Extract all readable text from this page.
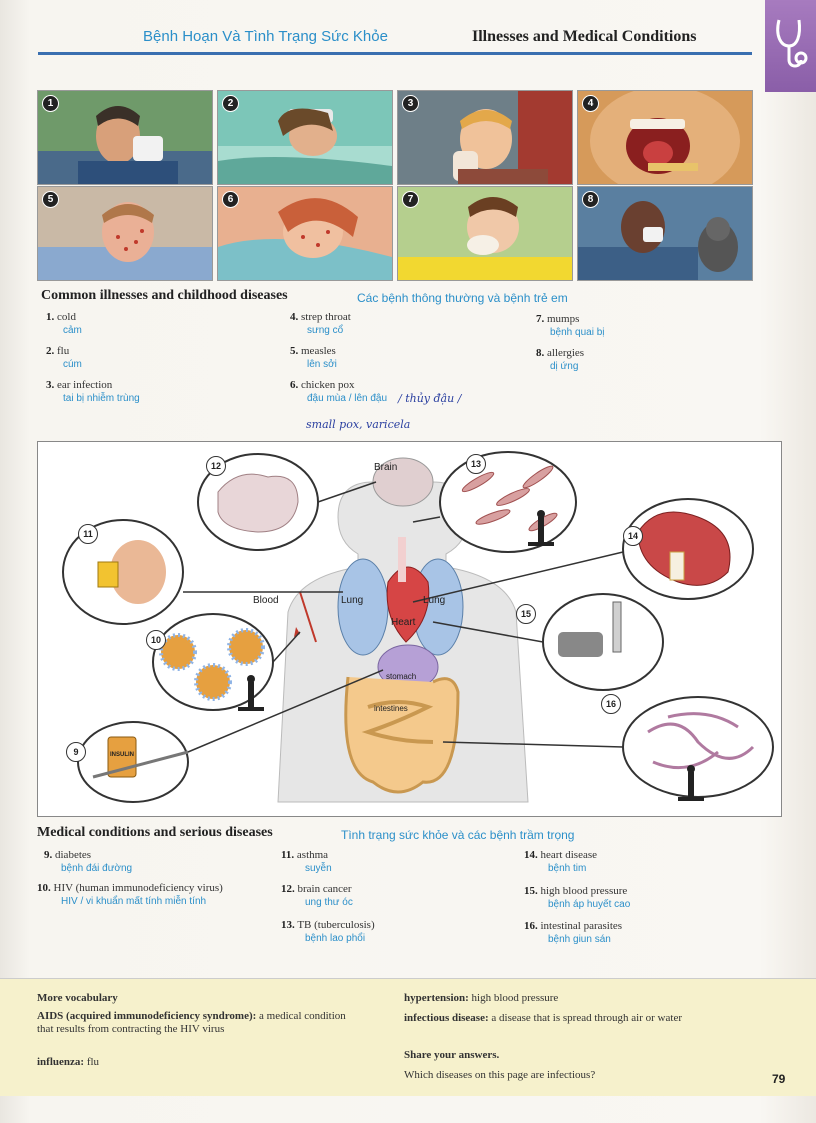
Bệnh Hoạn Và Tình Trạng Sức Khỏe	Illnesses and Medical Conditions
1	2	3	4
5	6	7	8
Common illnesses and childhood diseases	Các bệnh thông thường và bệnh trẻ em
1. cold
cảm
2. flu
cúm
3. ear infection
tai bị nhiễm trùng
4. strep throat
sưng cổ
5. measles
lên sởi
6. chicken pox
đậu mùa / lên đậu / thủy đậu /
small pox, varicela
7. mumps
bệnh quai bị
8. allergies
dị ứng
Brain
Lung	Lung
Heart
Blood
stomach
intestines
INSULIN
9
10
11
12	13
14
15
16
Medical conditions and serious diseases	Tình trạng sức khỏe và các bệnh trầm trọng
9. diabetes
bệnh đái đường
10. HIV (human immunodeficiency virus)
HIV / vi khuẩn mất tính miễn tính
11. asthma
suyễn
12. brain cancer
ung thư óc
13. TB (tuberculosis)
bệnh lao phổi
14. heart disease
bệnh tim
15. high blood pressure
bệnh áp huyết cao
16. intestinal parasites
bệnh giun sán
More vocabulary
AIDS (acquired immunodeficiency syndrome): a medical condition that results from contracting the HIV virus
influenza: flu
hypertension: high blood pressure
infectious disease: a disease that is spread through air or water
Share your answers.
Which diseases on this page are infectious?	79
